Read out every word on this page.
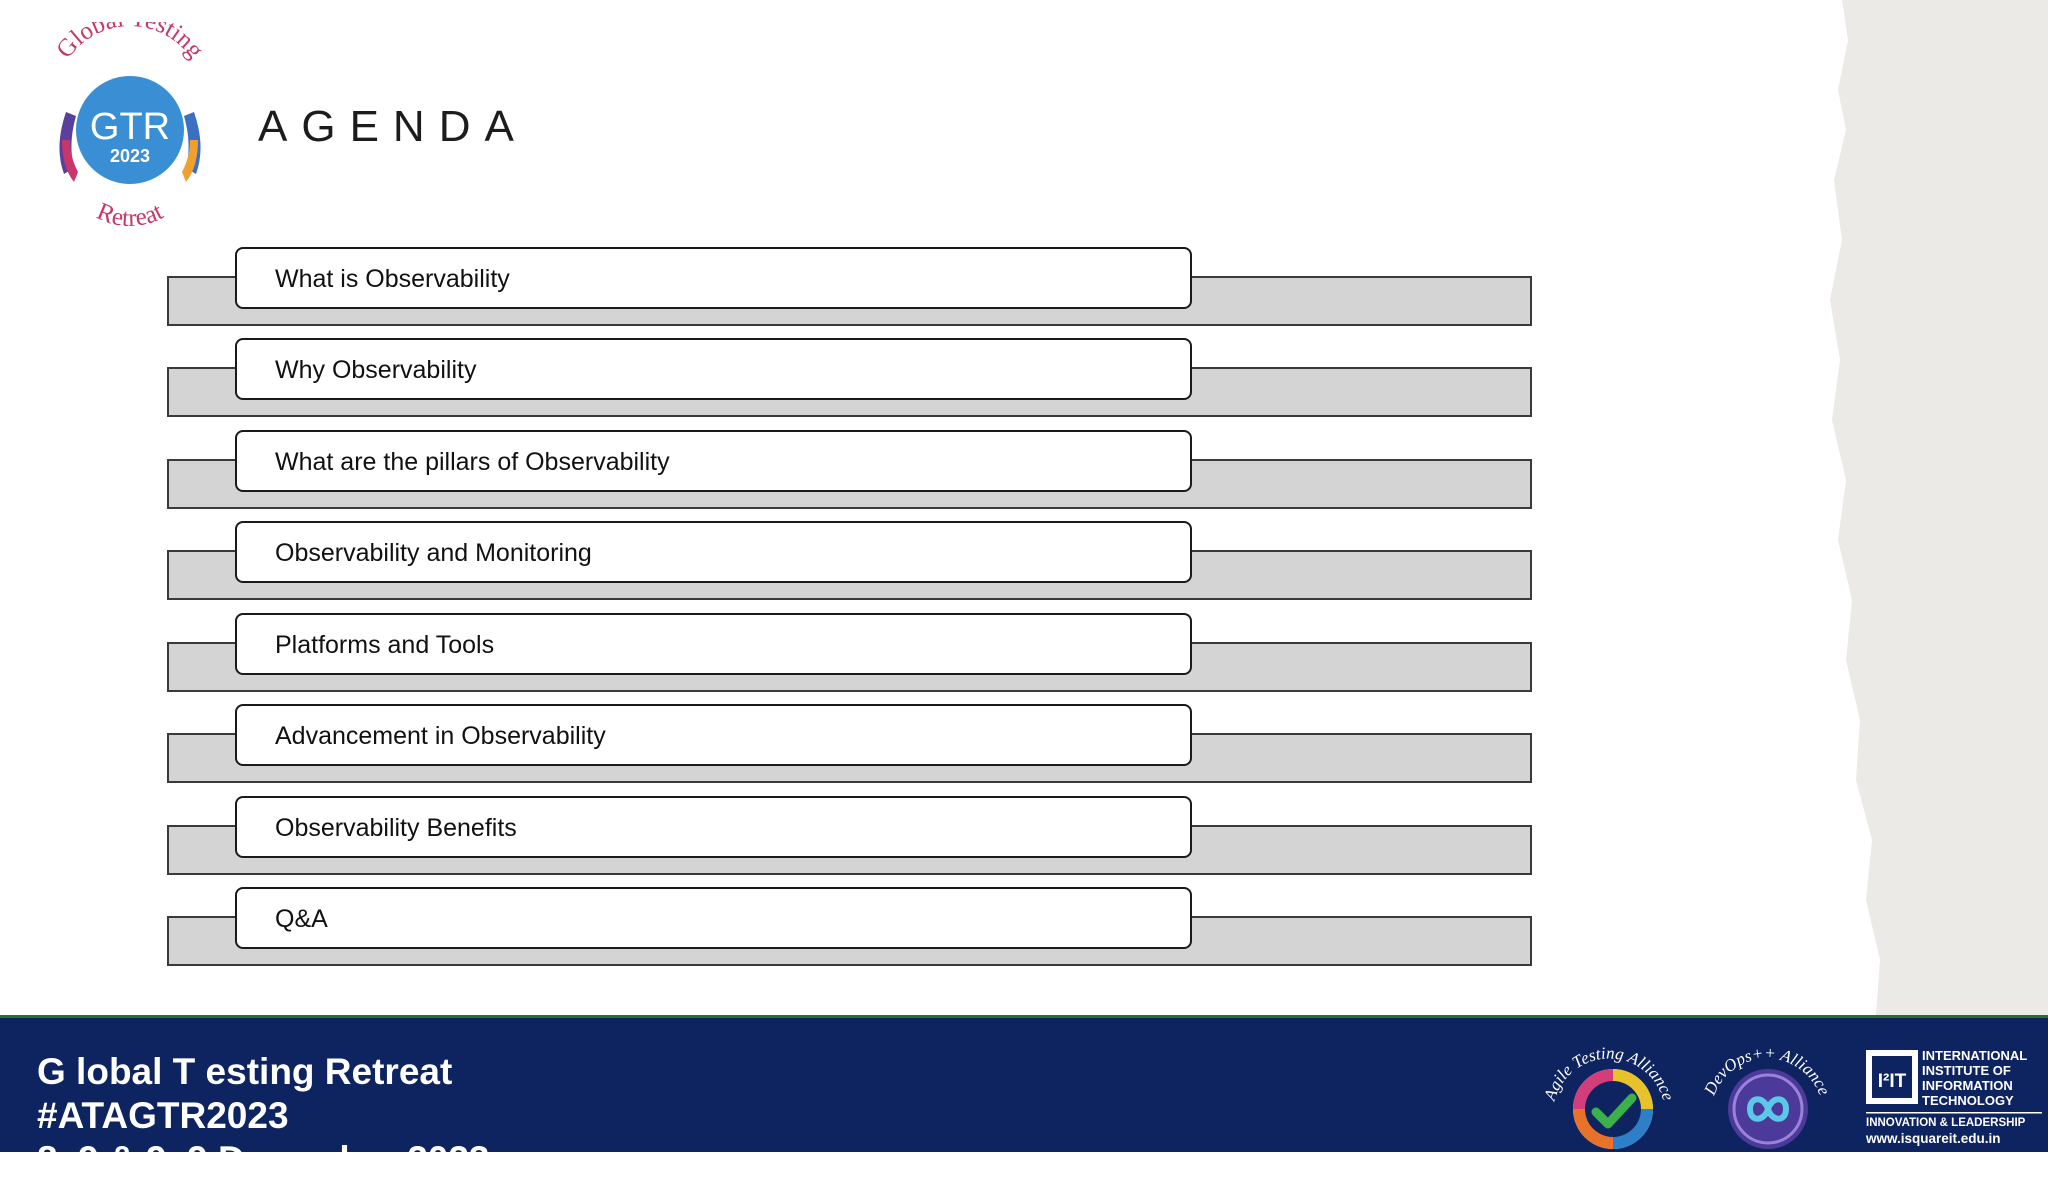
Glob sting
GTR
2023
Retreat
AGENDA
What is Observability
Why Observability
What are the pillars of Observability
Observability and Monitoring
Platforms and Tools
Advancement in Observability
Observability Benefits
Q&A
G lobal T esting Retreat
#ATAGTR2023
8, 9 & 9, 9 December 2023
Agile Testing Alliance DevOps++ Alliance I²IT
INTERNATIONAL
INSTITUTE OF
INFORMATION
TECHNOLOGY
INNOVATION & LEADERSHIP
www.isquareit.edu.in
